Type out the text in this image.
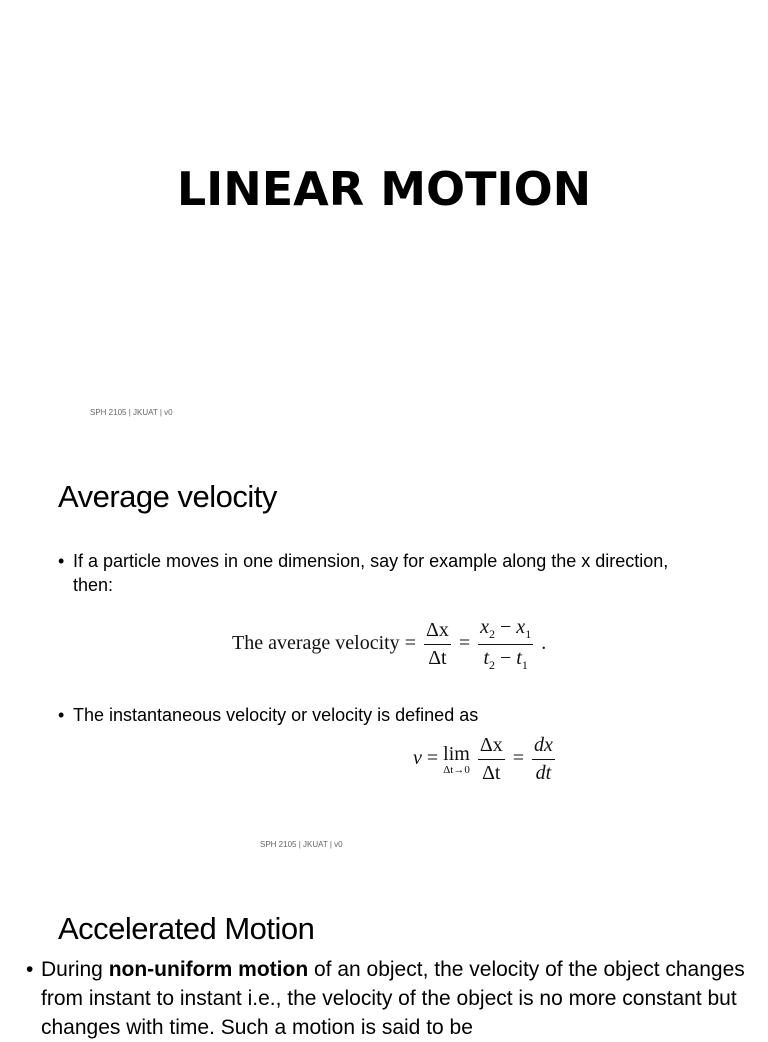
LINEAR MOTION
SPH 2105 | JKUAT | v0
Average velocity
• If a particle moves in one dimension, say for example along the x direction, then:
The average velocity = $\frac{\Delta x}{\Delta t} = \frac{x_2 - x_1}{t_2 - t_1}$ .
• The instantaneous velocity or velocity is defined as
v = lim
Δt→0
$\frac{\Delta x}{\Delta t} = \frac{dx}{dt}$
SPH 2105 | JKUAT | v0
Accelerated Motion
• During non-uniform motion of an object, the velocity of the object changes from instant to instant i.e., the velocity of the object is no more constant but changes with time. Such a motion is said to be
